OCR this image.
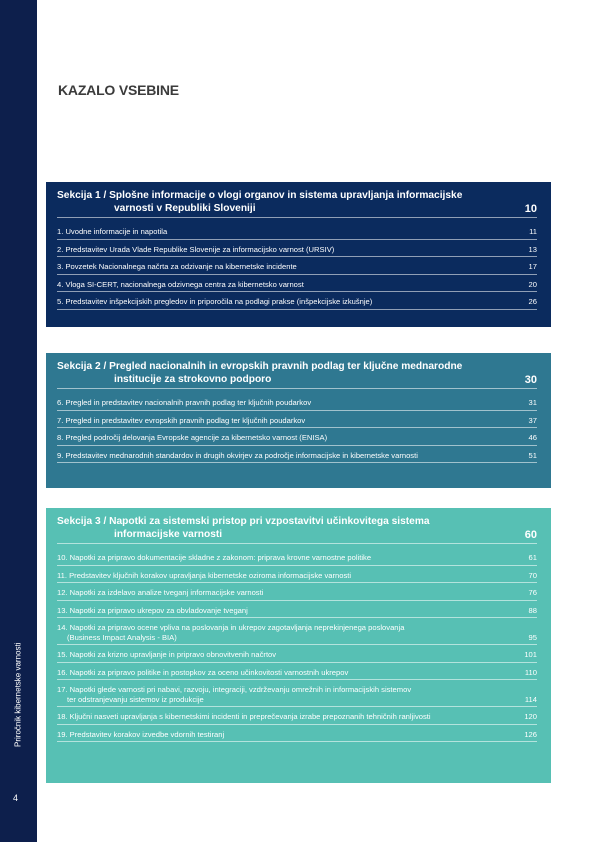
Priročnik kibernetske varnosti
4
KAZALO VSEBINE
Sekcija 1 / Splošne informacije o vlogi organov in sistema upravljanja informacijske
varnosti v Republiki Sloveniji	10
1. Uvodne informacije in napotila	11
2. Predstavitev Urada Vlade Republike Slovenije za informacijsko varnost (URSIV)	13
3. Povzetek Nacionalnega načrta za odzivanje na kibernetske incidente	17
4. Vloga SI-CERT, nacionalnega odzivnega centra za kibernetsko varnost	20
5. Predstavitev inšpekcijskih pregledov in priporočila na podlagi prakse (inšpekcijske izkušnje)	26
Sekcija 2 / Pregled nacionalnih in evropskih pravnih podlag ter ključne mednarodne
institucije za strokovno podporo	30
6. Pregled in predstavitev nacionalnih pravnih podlag ter ključnih poudarkov	31
7. Pregled in predstavitev evropskih pravnih podlag ter ključnih poudarkov	37
8. Pregled področij delovanja Evropske agencije za kibernetsko varnost (ENISA)	46
9. Predstavitev mednarodnih standardov in drugih okvirjev za področje informacijske in kibernetske varnosti	51
Sekcija 3 / Napotki za sistemski pristop pri vzpostavitvi učinkovitega sistema
informacijske varnosti	60
10. Napotki za pripravo dokumentacije skladne z zakonom: priprava krovne varnostne politike	61
11. Predstavitev ključnih korakov upravljanja kibernetske oziroma informacijske varnosti	70
12. Napotki za izdelavo analize tveganj informacijske varnosti	76
13. Napotki za pripravo ukrepov za obvladovanje tveganj	88
14. Napotki za pripravo ocene vpliva na poslovanja in ukrepov zagotavljanja neprekinjenega poslovanja
(Business Impact Analysis - BIA)	95
15. Napotki za krizno upravljanje in pripravo obnovitvenih načrtov	101
16. Napotki za pripravo politike in postopkov za oceno učinkovitosti varnostnih ukrepov	110
17. Napotki glede varnosti pri nabavi, razvoju, integraciji, vzdrževanju omrežnih in informacijskih sistemov
ter odstranjevanju sistemov iz produkcije	114
18. Ključni nasveti upravljanja s kibernetskimi incidenti in preprečevanja izrabe prepoznanih tehničnih ranljivosti	120
19. Predstavitev korakov izvedbe vdornih testiranj	126
